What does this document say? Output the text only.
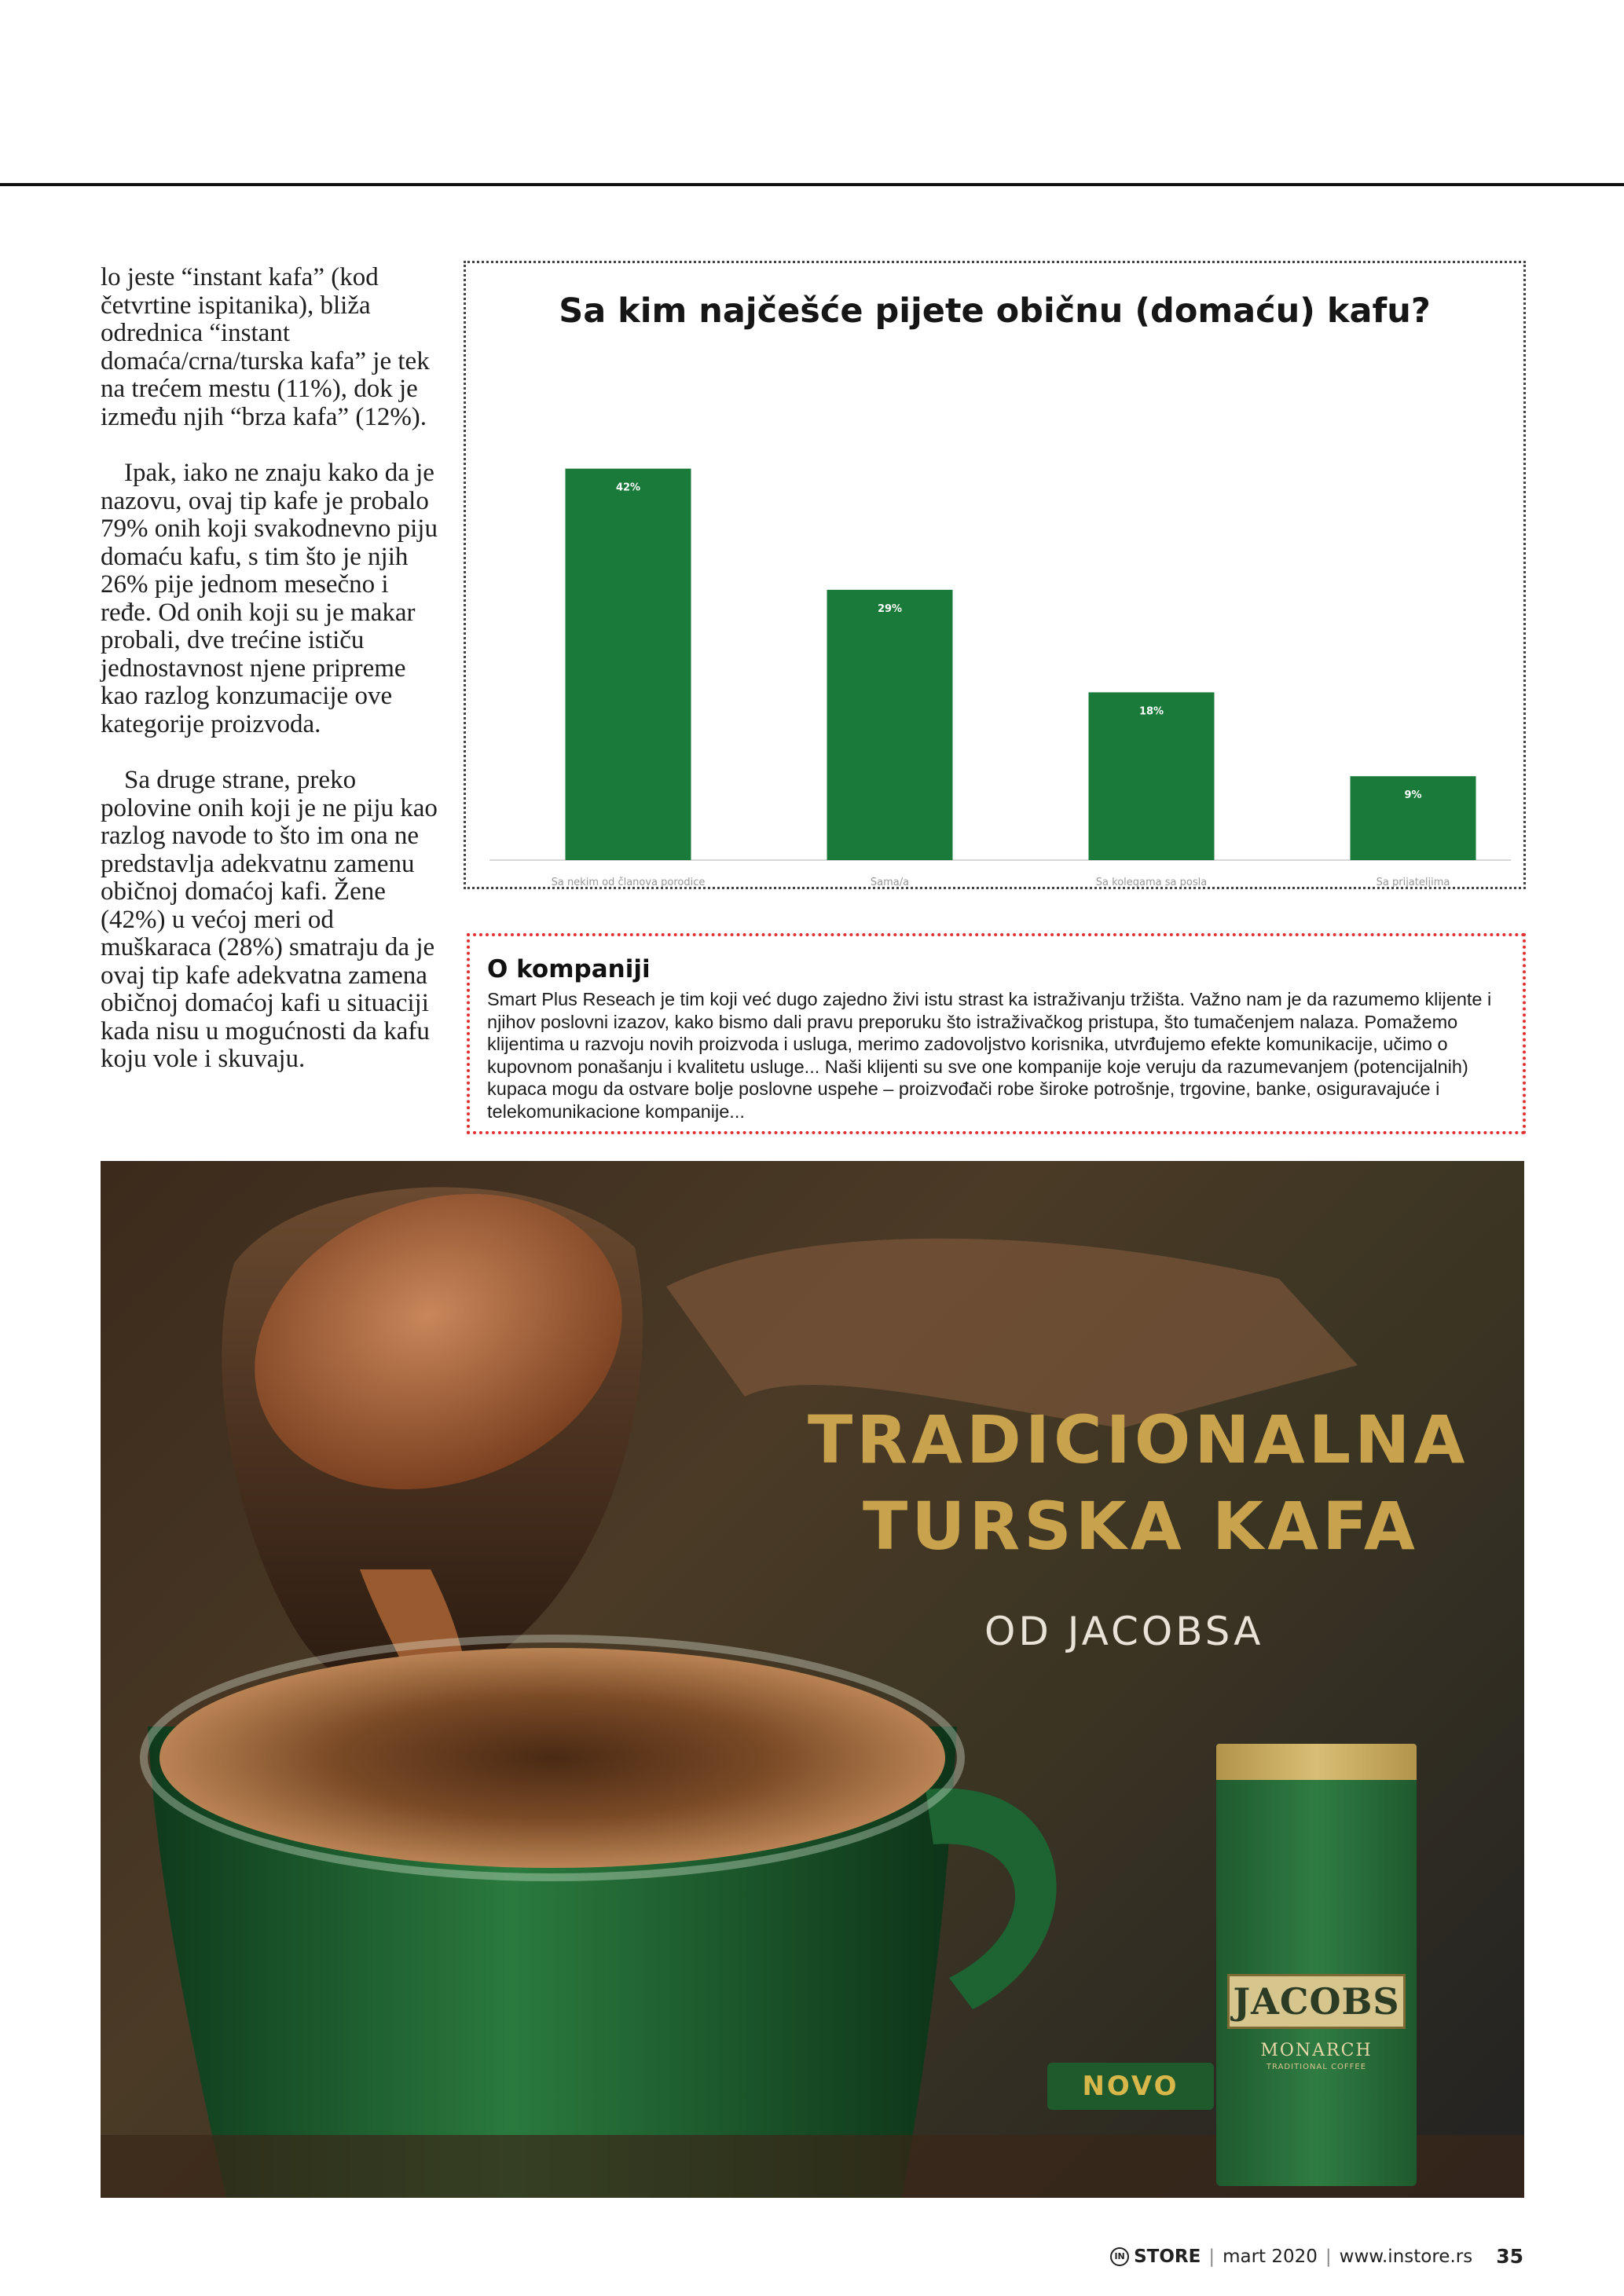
lo jeste “instant kafa” (kod četvrtine ispitanika), bliža odrednica “instant domaća/crna/turska kafa” je tek na trećem mestu (11%), dok je između njih “brza kafa” (12%).

Ipak, iako ne znaju kako da je nazovu, ovaj tip kafe je probalo 79% onih koji svakodnevno piju domaću kafu, s tim što je njih 26% pije jednom mesečno i ređe. Od onih koji su je makar probali, dve trećine ističu jednostavnost njene pripreme kao razlog konzumacije ove kategorije proizvoda.

Sa druge strane, preko polovine onih koji je ne piju kao razlog navode to što im ona ne predstavlja adekvatnu zamenu običnoj domaćoj kafi. Žene (42%) u većoj meri od muškaraca (28%) smatraju da je ovaj tip kafe adekvatna zamena običnoj domaćoj kafi u situaciji kada nisu u mogućnosti da kafu koju vole i skuvaju.

Sa kim najčešće pijete običnu (domaću) kafu?
42%
Sa nekim od članova porodice
29%
Sama/a
18%
Sa kolegama sa posla
9%
Sa prijateljima
O kompaniji
Smart Plus Reseach je tim koji već dugo zajedno živi istu strast ka istraživanju tržišta. Važno nam je da razumemo klijente i njihov poslovni izazov, kako bismo dali pravu preporuku što istraživačkog pristupa, što tumačenjem nalaza. Pomažemo klijentima u razvoju novih proizvoda i usluga, merimo zadovoljstvo korisnika, utvrđujemo efekte komunikacije, učimo o kupovnom ponašanju i kvalitetu usluge... Naši klijenti su sve one kompanije koje veruju da razumevanjem (potencijalnih) kupaca mogu da ostvare bolje poslovne uspehe – proizvođači robe široke potrošnje, trgovine, banke, osiguravajuće i telekomunikacione kompanije...
TRADICIONALNA
TURSKA KAFA
OD JACOBSA
JACOBS
MONARCH
TRADITIONAL COFFEE
NOVO
IN STORE | mart 2020 | www.instore.rs 35
